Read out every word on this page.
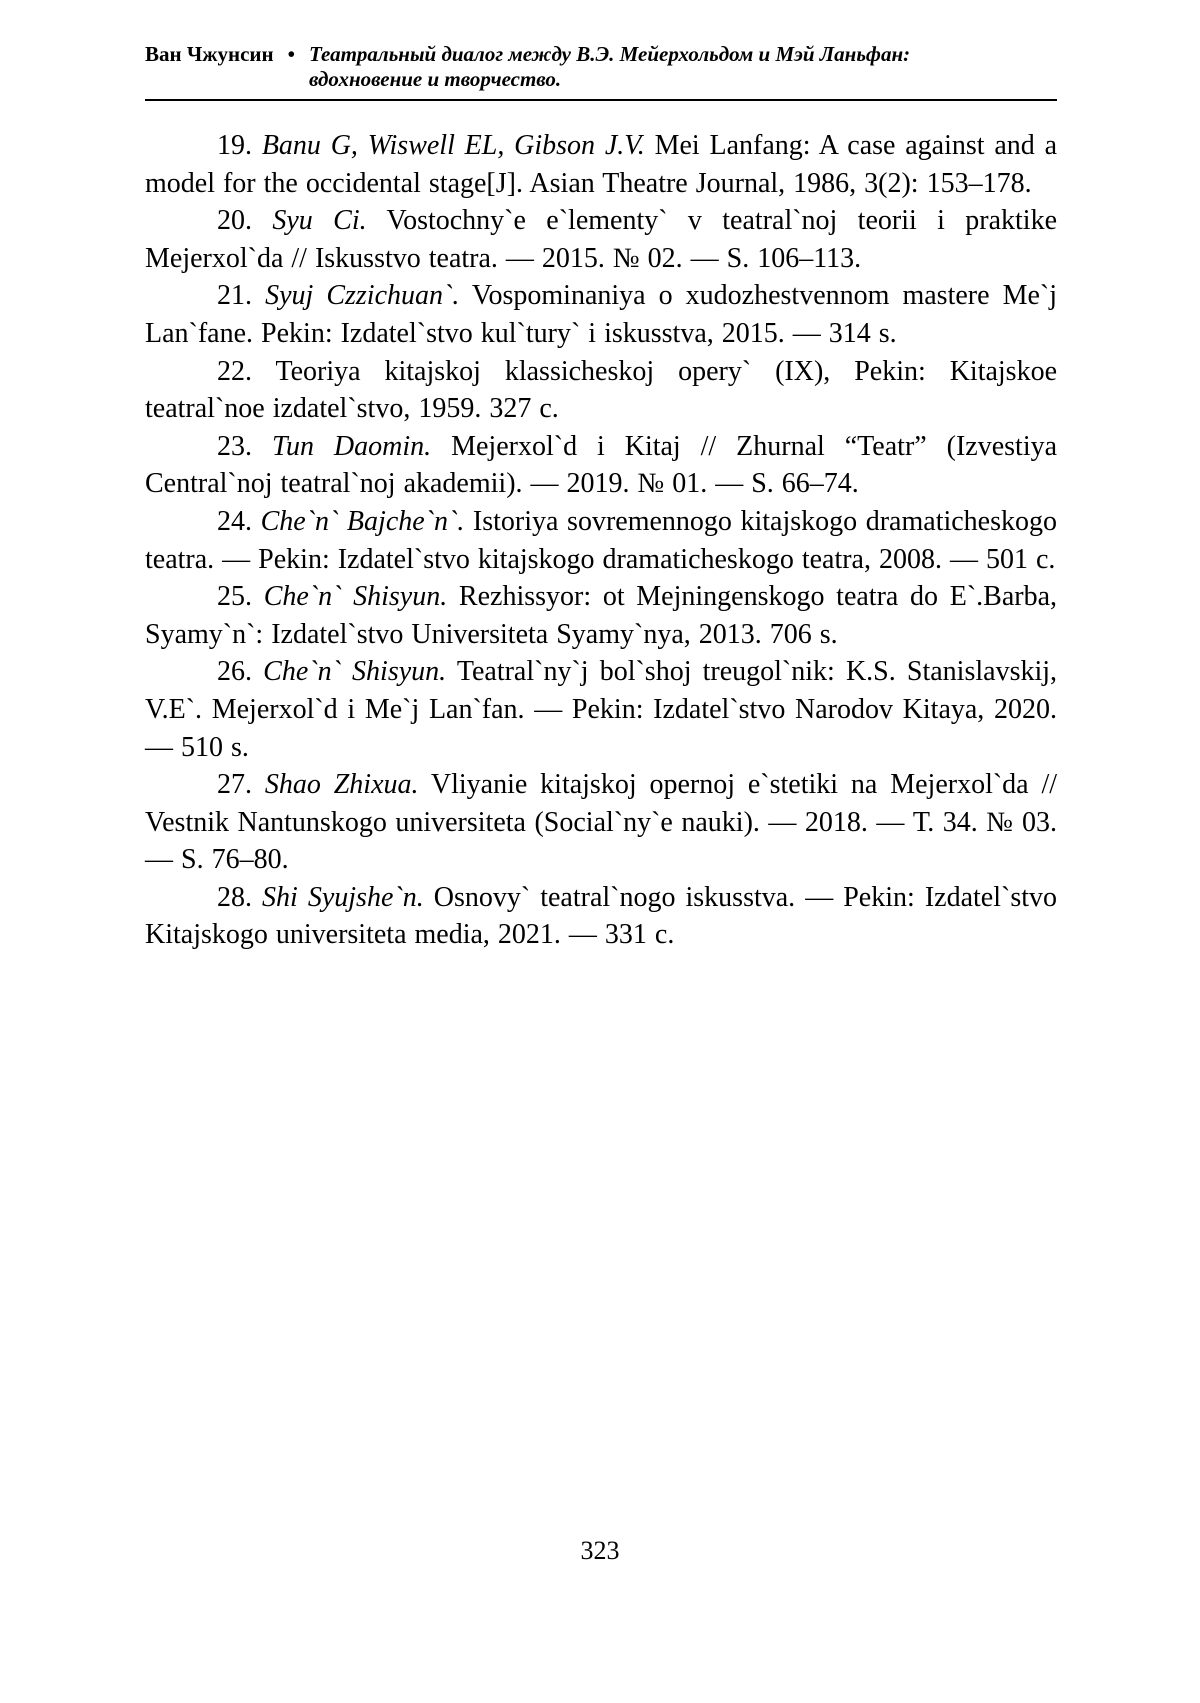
Ван Чжунсин • Театральный диалог между В.Э. Мейерхольдом и Мэй Ланьфан: вдохновение и творчество.

19. Banu G, Wiswell EL, Gibson J.V. Mei Lanfang: A case against and a model for the occidental stage[J]. Asian Theatre Journal, 1986, 3(2): 153–178.

20. Syu Ci. Vostochny`e e`lementy` v teatral`noj teorii i praktike Mejerxol`da // Iskusstvo teatra. — 2015. № 02. — S. 106–113.

21. Syuj Czzichuan`. Vospominaniya o xudozhestvennom mastere Me`j Lan`fane. Pekin: Izdatel`stvo kul`tury` i iskusstva, 2015. — 314 s.

22. Teoriya kitajskoj klassicheskoj opery` (IX), Pekin: Kitajskoe teatral`noe izdatel`stvo, 1959. 327 с.

23. Tun Daomin. Mejerxol`d i Kitaj // Zhurnal “Teatr” (Izvestiya Central`noj teatral`noj akademii). — 2019. № 01. — S. 66–74.

24. Che`n` Bajche`n`. Istoriya sovremennogo kitajskogo dramaticheskogo teatra. — Pekin: Izdatel`stvo kitajskogo dramaticheskogo teatra, 2008. — 501 с.

25. Che`n` Shisyun. Rezhissyor: ot Mejningenskogo teatra do E`.Barba, Syamy`n`: Izdatel`stvo Universiteta Syamy`nya, 2013. 706 s.

26. Che`n` Shisyun. Teatral`ny`j bol`shoj treugol`nik: K.S. Stanislavskij, V.E`. Mejerxol`d i Me`j Lan`fan. — Pekin: Izdatel`stvo Narodov Kitaya, 2020. — 510 s.

27. Shao Zhixua. Vliyanie kitajskoj opernoj e`stetiki na Mejerxol`da // Vestnik Nantunskogo universiteta (Social`ny`e nauki). — 2018. — Т. 34. № 03. — S. 76–80.

28. Shi Syujshe`n. Osnovy` teatral`nogo iskusstva. — Pekin: Izdatel`stvo Kitajskogo universiteta media, 2021. — 331 с.

323
